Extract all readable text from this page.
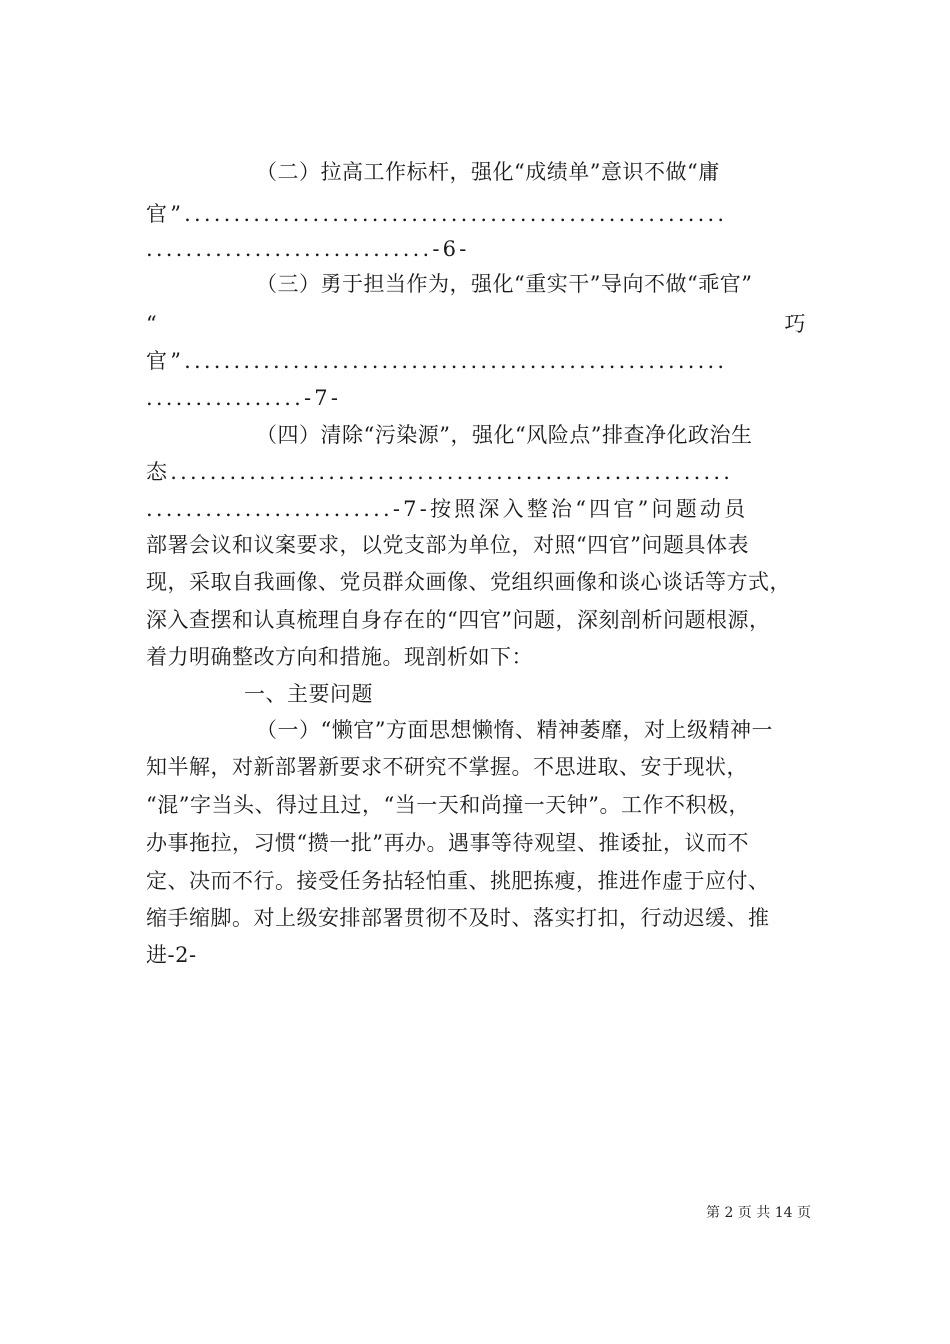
（二）拉高工作标杆，强化“成绩单”意识不做“庸
官”.......................................................
.............................-6-
（三）勇于担当作为，强化“重实干”导向不做“乖官”
“	巧
官”.......................................................
................-7-
（四）清除“污染源”，强化“风险点”排查净化政治生
态.........................................................
.........................-7-按照深入整治“四官”问题动员
部署会议和议案要求，以党支部为单位，对照“四官”问题具体表
现，采取自我画像、党员群众画像、党组织画像和谈心谈话等方式，
深入查摆和认真梳理自身存在的“四官”问题，深刻剖析问题根源，
着力明确整改方向和措施。现剖析如下：
一、主要问题
（一）“懒官”方面思想懒惰、精神萎靡，对上级精神一
知半解，对新部署新要求不研究不掌握。不思进取、安于现状，
“混”字当头、得过且过，“当一天和尚撞一天钟”。工作不积极，
办事拖拉，习惯“攒一批”再办。遇事等待观望、推诿扯，议而不
定、决而不行。接受任务拈轻怕重、挑肥拣瘦，推进作虚于应付、
缩手缩脚。对上级安排部署贯彻不及时、落实打扣，行动迟缓、推
进-2-
第 2 页 共 14 页
